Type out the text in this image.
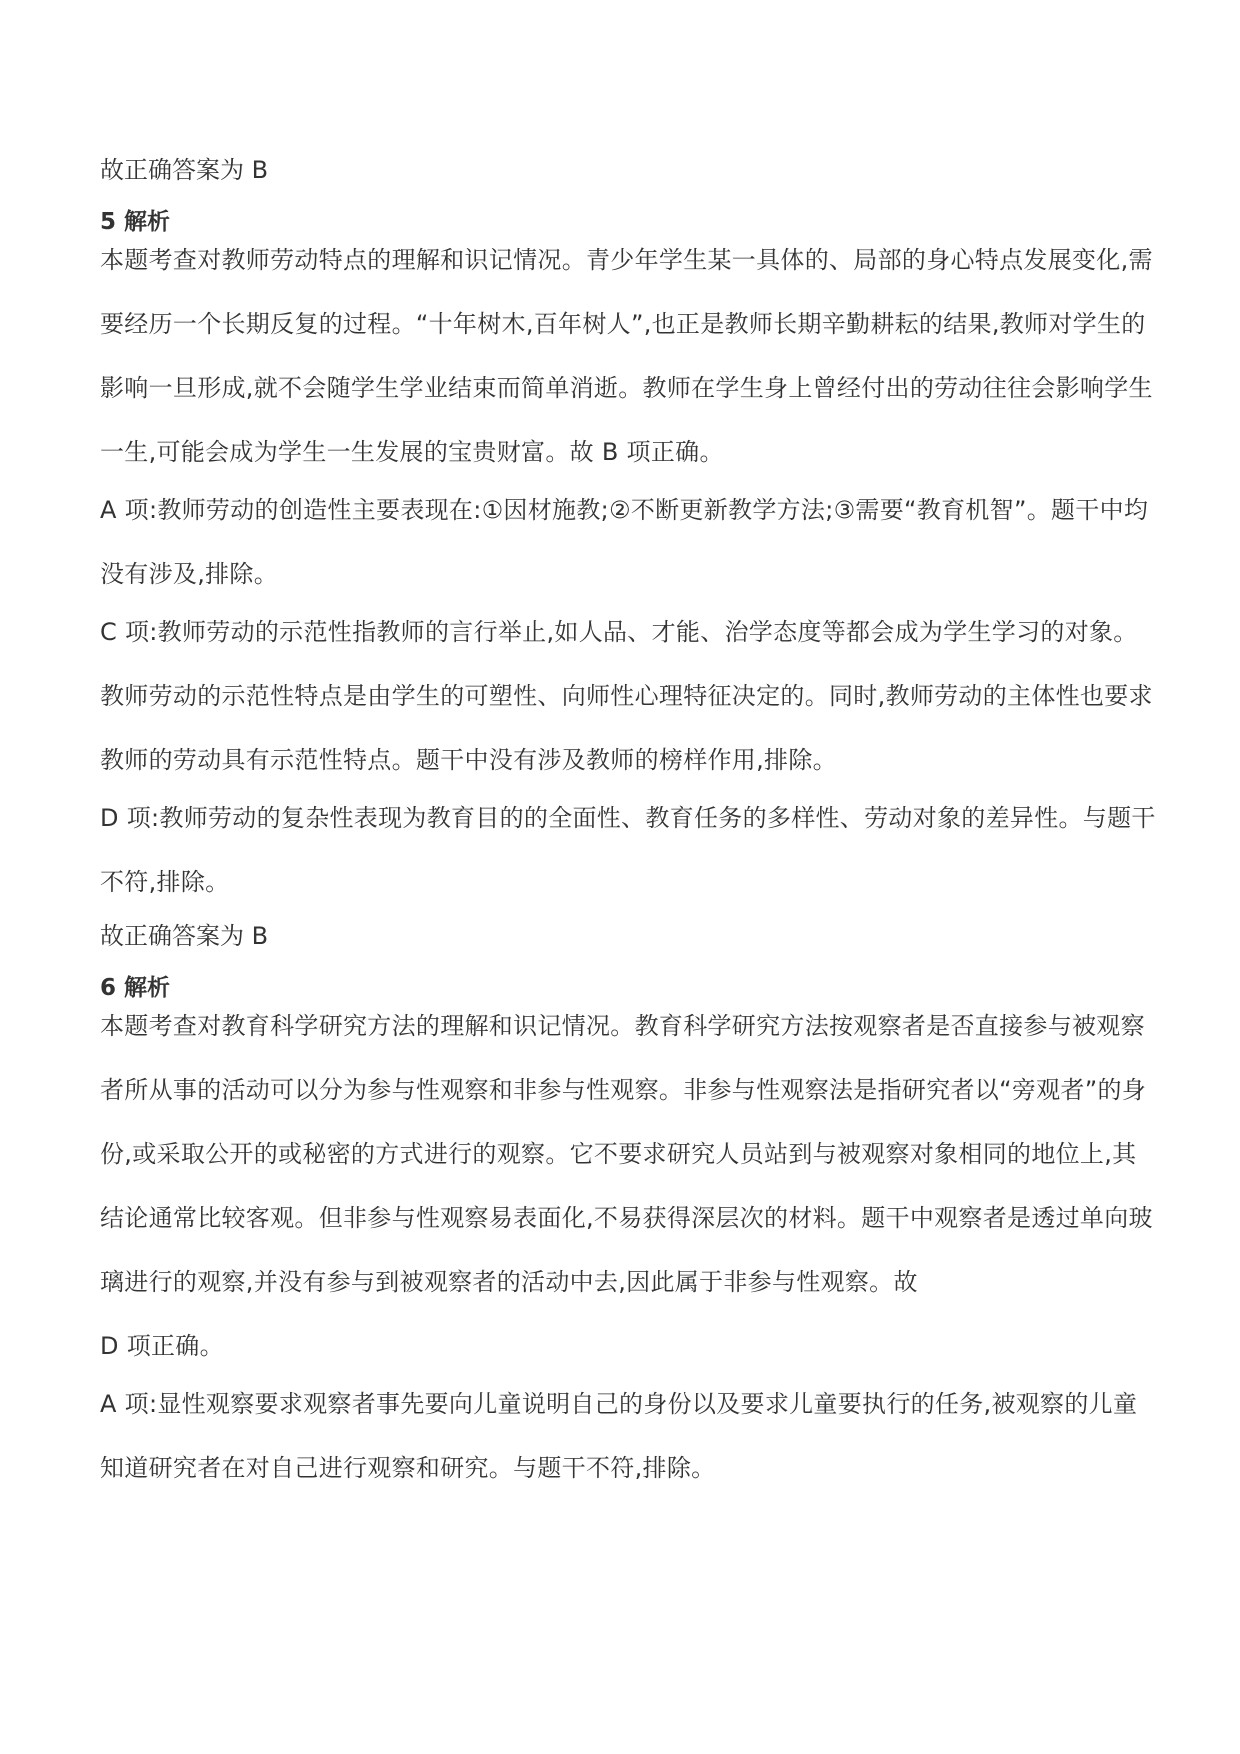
故正确答案为 B

5 解析

本题考查对教师劳动特点的理解和识记情况。青少年学生某一具体的、局部的身心特点发展变化,需要经历一个长期反复的过程。“十年树木,百年树人”,也正是教师长期辛勤耕耘的结果,教师对学生的影响一旦形成,就不会随学生学业结束而简单消逝。教师在学生身上曾经付出的劳动往往会影响学生一生,可能会成为学生一生发展的宝贵财富。故 B 项正确。

A 项:教师劳动的创造性主要表现在:①因材施教;②不断更新教学方法;③需要“教育机智”。题干中均没有涉及,排除。

C 项:教师劳动的示范性指教师的言行举止,如人品、才能、治学态度等都会成为学生学习的对象。教师劳动的示范性特点是由学生的可塑性、向师性心理特征决定的。同时,教师劳动的主体性也要求教师的劳动具有示范性特点。题干中没有涉及教师的榜样作用,排除。

D 项:教师劳动的复杂性表现为教育目的的全面性、教育任务的多样性、劳动对象的差异性。与题干不符,排除。

故正确答案为 B

6 解析

本题考查对教育科学研究方法的理解和识记情况。教育科学研究方法按观察者是否直接参与被观察者所从事的活动可以分为参与性观察和非参与性观察。非参与性观察法是指研究者以“旁观者”的身份,或采取公开的或秘密的方式进行的观察。它不要求研究人员站到与被观察对象相同的地位上,其结论通常比较客观。但非参与性观察易表面化,不易获得深层次的材料。题干中观察者是透过单向玻璃进行的观察,并没有参与到被观察者的活动中去,因此属于非参与性观察。故

D 项正确。

A 项:显性观察要求观察者事先要向儿童说明自己的身份以及要求儿童要执行的任务,被观察的儿童知道研究者在对自己进行观察和研究。与题干不符,排除。
